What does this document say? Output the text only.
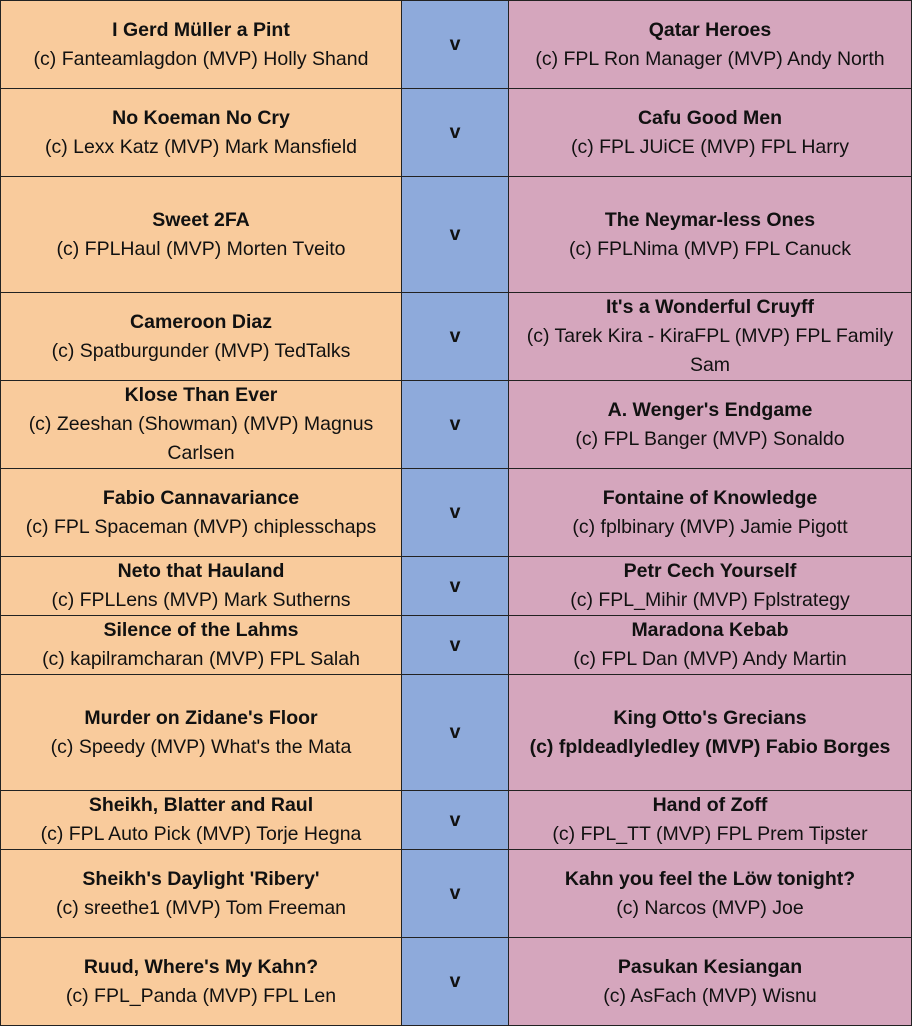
I Gerd Müller a Pint
(c) Fanteamlagdon (MVP) Holly Shand	v	Qatar Heroes
(c) FPL Ron Manager (MVP) Andy North

No Koeman No Cry
(c) Lexx Katz (MVP) Mark Mansfield	v	Cafu Good Men
(c) FPL JUiCE (MVP) FPL Harry

Sweet 2FA
(c) FPLHaul (MVP) Morten Tveito	v	The Neymar-less Ones
(c) FPLNima (MVP) FPL Canuck

Cameroon Diaz
(c) Spatburgunder (MVP) TedTalks	v	It's a Wonderful Cruyff
(c) Tarek Kira - KiraFPL (MVP) FPL Family Sam

Klose Than Ever
(c) Zeeshan (Showman) (MVP) Magnus Carlsen	v	A. Wenger's Endgame
(c) FPL Banger (MVP) Sonaldo

Fabio Cannavariance
(c) FPL Spaceman (MVP) chiplesschaps	v	Fontaine of Knowledge
(c) fplbinary (MVP) Jamie Pigott

Neto that Hauland
(c) FPLLens (MVP) Mark Sutherns	v	Petr Cech Yourself
(c) FPL_Mihir (MVP) Fplstrategy

Silence of the Lahms
(c) kapilramcharan (MVP) FPL Salah	v	Maradona Kebab
(c) FPL Dan (MVP) Andy Martin

Murder on Zidane's Floor
(c) Speedy (MVP) What's the Mata	v	King Otto's Grecians
(c) fpldeadlyledley (MVP) Fabio Borges

Sheikh, Blatter and Raul
(c) FPL Auto Pick (MVP) Torje Hegna	v	Hand of Zoff
(c) FPL_TT (MVP) FPL Prem Tipster

Sheikh's Daylight 'Ribery'
(c) sreethe1 (MVP) Tom Freeman	v	Kahn you feel the Löw tonight?
(c) Narcos (MVP) Joe

Ruud, Where's My Kahn?
(c) FPL_Panda (MVP) FPL Len	v	Pasukan Kesiangan
(c) AsFach (MVP) Wisnu
